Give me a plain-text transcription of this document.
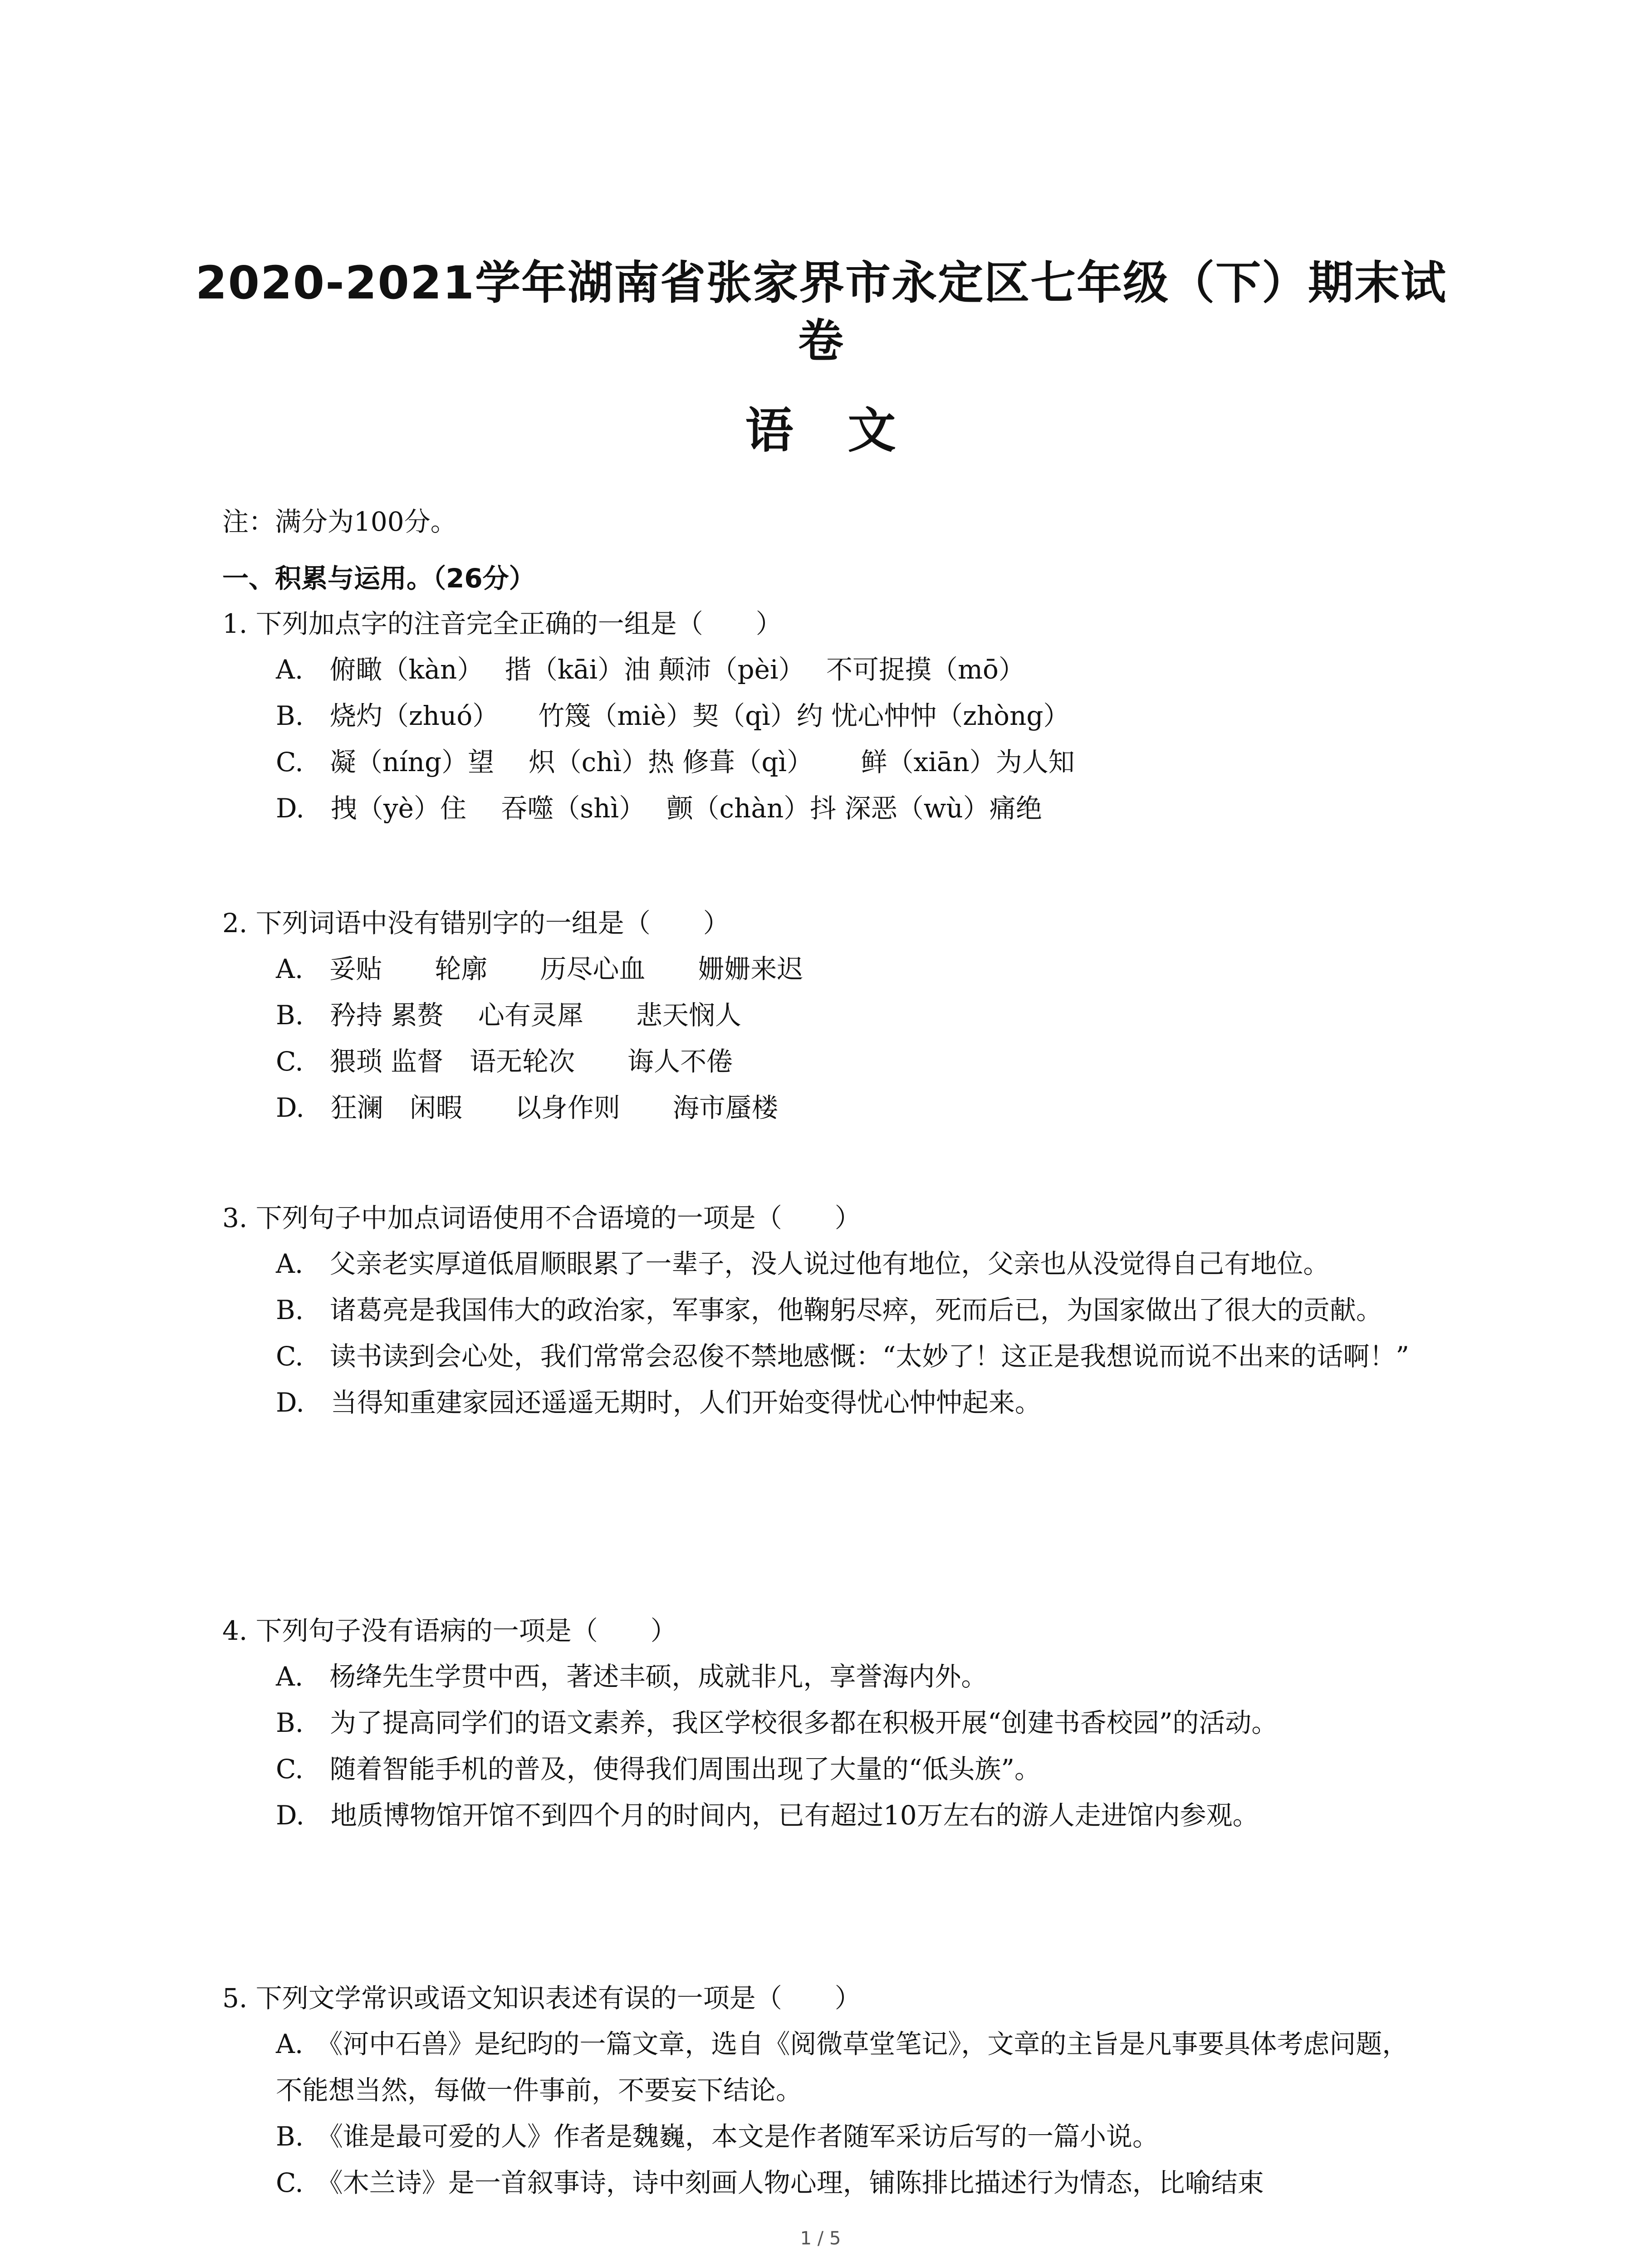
2020-2021学年湖南省张家界市永定区七年级（下）期末试卷
语文
注：满分为100分。
一、积累与运用。（26分）
1. 下列加点字的注音完全正确的一组是（　　）
A.　俯瞰（kàn）　 揩（kāi）油 颠沛（pèi）　 不可捉摸（mō）
B.　烧灼（zhuó）　　竹篾（miè）契（qì）约 忧心忡忡（zhòng）
C.　凝（níng）望　 炽（chì）热 修葺（qì）　　 鲜（xiān）为人知
D.　拽（yè）住　 吞噬（shì）　 颤（chàn）抖 深恶（wù）痛绝
2. 下列词语中没有错别字的一组是（　　）
A.　妥贴　　轮廓　　历尽心血　　姗姗来迟
B.　矜持 累赘　 心有灵犀　　悲天悯人
C.　猥琐 监督　语无轮次　　诲人不倦
D.　狂澜　闲暇　　以身作则　　海市蜃楼
3. 下列句子中加点词语使用不合语境的一项是（　　）
A.　父亲老实厚道低眉顺眼累了一辈子，没人说过他有地位，父亲也从没觉得自己有地位。
B.　诸葛亮是我国伟大的政治家，军事家，他鞠躬尽瘁，死而后已，为国家做出了很大的贡献。
C.　读书读到会心处，我们常常会忍俊不禁地感慨：“太妙了！这正是我想说而说不出来的话啊！”
D.　当得知重建家园还遥遥无期时，人们开始变得忧心忡忡起来。
4. 下列句子没有语病的一项是（　　）
A.　杨绛先生学贯中西，著述丰硕，成就非凡，享誉海内外。
B.　为了提高同学们的语文素养，我区学校很多都在积极开展“创建书香校园”的活动。
C.　随着智能手机的普及，使得我们周围出现了大量的“低头族”。
D.　地质博物馆开馆不到四个月的时间内，已有超过10万左右的游人走进馆内参观。
5. 下列文学常识或语文知识表述有误的一项是（　　）
A.　《河中石兽》是纪昀的一篇文章，选自《阅微草堂笔记》，文章的主旨是凡事要具体考虑问题，不能想当然，每做一件事前，不要妄下结论。
B.　《谁是最可爱的人》作者是魏巍，本文是作者随军采访后写的一篇小说。
C.　《木兰诗》是一首叙事诗，诗中刻画人物心理，铺陈排比描述行为情态，比喻结束
1 / 5
